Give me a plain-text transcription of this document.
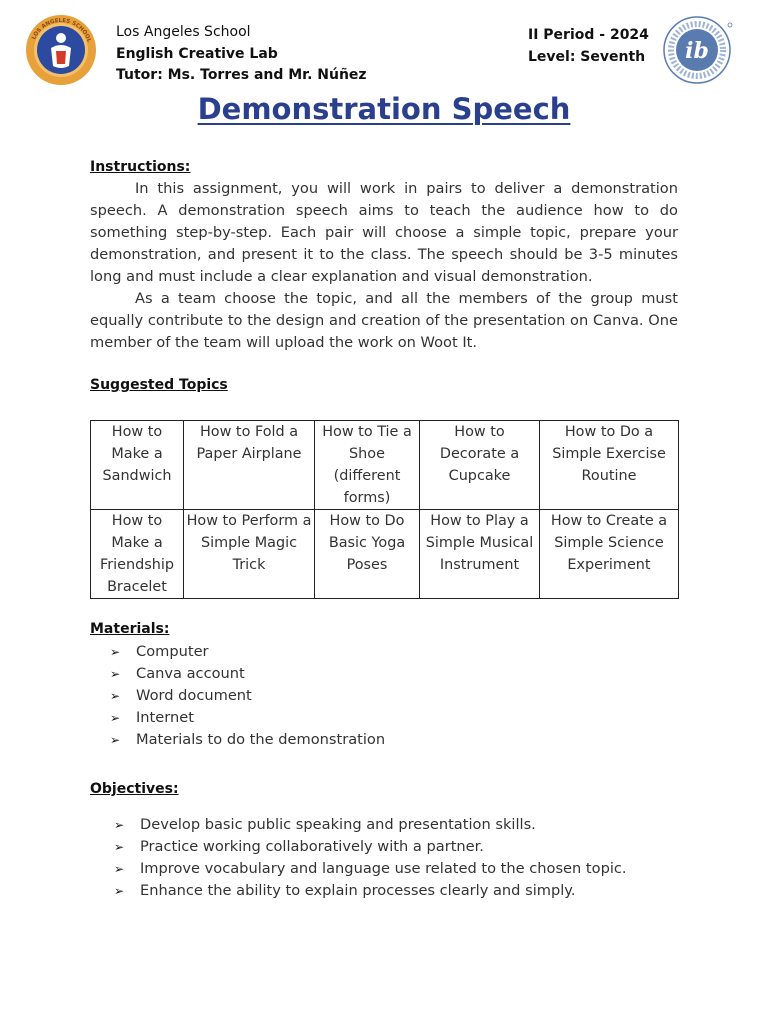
LOS ANGELES SCHOOL
Los Angeles School
English Creative Lab
Tutor: Ms. Torres and Mr. Núñez
II Period - 2024
Level: Seventh ib
Demonstration Speech
Instructions:

In this assignment, you will work in pairs to deliver a demonstration speech. A demonstration speech aims to teach the audience how to do something step-by-step. Each pair will choose a simple topic, prepare your demonstration, and present it to the class. The speech should be 3-5 minutes long and must include a clear explanation and visual demonstration.

As a team choose the topic, and all the members of the group must equally contribute to the design and creation of the presentation on Canva. One member of the team will upload the work on Woot It.

Suggested Topics
How to Make a Sandwich	How to Fold a Paper Airplane	How to Tie a Shoe (different forms)	How to Decorate a Cupcake	How to Do a Simple Exercise Routine
How to Make a Friendship Bracelet	How to Perform a Simple Magic Trick	How to Do Basic Yoga Poses	How to Play a Simple Musical Instrument	How to Create a Simple Science Experiment
Materials:
➢ Computer
➢ Canva account
➢ Word document
➢ Internet
➢ Materials to do the demonstration
Objectives:
➢ Develop basic public speaking and presentation skills.
➢ Practice working collaboratively with a partner.
➢ Improve vocabulary and language use related to the chosen topic.
➢ Enhance the ability to explain processes clearly and simply.
